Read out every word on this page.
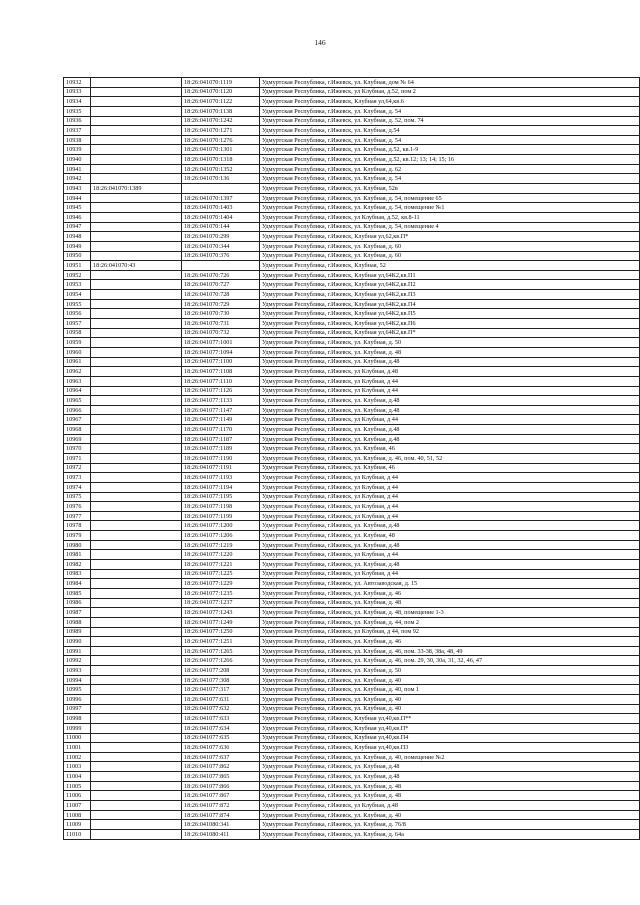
146
10932		18:26:041070:1119	Удмуртская Республика, г.Ижевск, ул. Клубная, дом № 64
10933		18:26:041070:1120	Удмуртская Республика, г.Ижевск, ул Клубная, д.52, пом 2
10934		18:26:041070:1122	Удмуртская Республика, г.Ижевск, Клубная ул,64,кв.6
10935		18:26:041070:1138	Удмуртская Республика, г.Ижевск, ул. Клубная, д. 54
10936		18:26:041070:1242	Удмуртская Республика, г.Ижевск, ул. Клубная, д. 52, пом. 74
10937		18:26:041070:1271	Удмуртская Республика, г.Ижевск, ул. Клубная, д.54
10938		18:26:041070:1276	Удмуртская Республика, г.Ижевск, ул. Клубная, д. 54
10939		18:26:041070:1301	Удмуртская Республика, г.Ижевск, ул. Клубная, д.52, кв.1-9
10940		18:26:041070:1318	Удмуртская Республика, г.Ижевск, ул. Клубная, д.52, кв.12; 13; 14; 15; 16
10941		18:26:041070:1352	Удмуртская Республика, г.Ижевск, ул. Клубная, д. 62
10942		18:26:041070:136	Удмуртская Республика, г.Ижевск, ул. Клубная, д. 54
10943	18:26:041070:1389		Удмуртская Республика, г.Ижевск, ул. Клубная, 52в
10944		18:26:041070:1397	Удмуртская Республика, г.Ижевск, ул. Клубная, д. 54, помещение 65
10945		18:26:041070:1403	Удмуртская Республика, г.Ижевск, ул. Клубная, д. 54, помещение №1
10946		18:26:041070:1404	Удмуртская Республика, г.Ижевск, ул Клубная, д.52, кв.8-11
10947		18:26:041070:144	Удмуртская Республика, г.Ижевск, ул. Клубная, д. 54, помещение 4
10948		18:26:041070:299	Удмуртская Республика, г.Ижевск, Клубная ул,62,кв.П*
10949		18:26:041070:344	Удмуртская Республика, г.Ижевск, ул. Клубная, д. 60
10950		18:26:041070:376	Удмуртская Республика, г.Ижевск, ул. Клубная, д. 60
10951	18:26:041070:43		Удмуртская Республика, г.Ижевск, Клубная, 52
10952		18:26:041070:726	Удмуртская Республика, г.Ижевск, Клубная ул,64К2,кв.П1
10953		18:26:041070:727	Удмуртская Республика, г.Ижевск, Клубная ул,64К2,кв.П2
10954		18:26:041070:728	Удмуртская Республика, г.Ижевск, Клубная ул,64К2,кв.П3
10955		18:26:041070:729	Удмуртская Республика, г.Ижевск, Клубная ул,64К2,кв.П4
10956		18:26:041070:730	Удмуртская Республика, г.Ижевск, Клубная ул,64К2,кв.П5
10957		18:26:041070:731	Удмуртская Республика, г.Ижевск, Клубная ул,64К2,кв.П6
10958		18:26:041070:732	Удмуртская Республика, г.Ижевск, Клубная ул,64К2,кв.П*
10959		18:26:041077:1001	Удмуртская Республика, г.Ижевск, ул. Клубная, д. 50
10960		18:26:041077:1094	Удмуртская Республика, г.Ижевск, ул. Клубная, д. 48
10961		18:26:041077:1100	Удмуртская Республика, г.Ижевск, ул. Клубная, д.48
10962		18:26:041077:1108	Удмуртская Республика, г.Ижевск, ул Клубная, д.48
10963		18:26:041077:1110	Удмуртская Республика, г.Ижевск, ул Клубная, д 44
10964		18:26:041077:1126	Удмуртская Республика, г.Ижевск, ул Клубная, д 44
10965		18:26:041077:1133	Удмуртская Республика, г.Ижевск, ул. Клубная, д.48
10966		18:26:041077:1147	Удмуртская Республика, г.Ижевск, ул. Клубная, д.48
10967		18:26:041077:1149	Удмуртская Республика, г.Ижевск, ул Клубная, д 44
10968		18:26:041077:1170	Удмуртская Республика, г.Ижевск, ул. Клубная, д.48
10969		18:26:041077:1187	Удмуртская Республика, г.Ижевск, ул. Клубная, д.48
10970		18:26:041077:1189	Удмуртская Республика, г.Ижевск, ул. Клубная, 46
10971		18:26:041077:1190	Удмуртская Республика, г.Ижевск, ул. Клубная, д. 46, пом. 40, 51, 52
10972		18:26:041077:1191	Удмуртская Республика, г.Ижевск, ул. Клубная, 46
10973		18:26:041077:1193	Удмуртская Республика, г.Ижевск, ул Клубная, д 44
10974		18:26:041077:1194	Удмуртская Республика, г.Ижевск, ул Клубная, д 44
10975		18:26:041077:1195	Удмуртская Республика, г.Ижевск, ул Клубная, д 44
10976		18:26:041077:1198	Удмуртская Республика, г.Ижевск, ул Клубная, д 44
10977		18:26:041077:1199	Удмуртская Республика, г.Ижевск, ул Клубная, д 44
10978		18:26:041077:1200	Удмуртская Республика, г.Ижевск, ул. Клубная, д.48
10979		18:26:041077:1206	Удмуртская Республика, г.Ижевск, ул. Клубная, 48
10980		18:26:041077:1219	Удмуртская Республика, г.Ижевск, ул. Клубная, д.48
10981		18:26:041077:1220	Удмуртская Республика, г.Ижевск, ул Клубная, д 44
10982		18:26:041077:1221	Удмуртская Республика, г.Ижевск, ул. Клубная, д.48
10983		18:26:041077:1225	Удмуртская Республика, г.Ижевск, ул Клубная, д 44
10984		18:26:041077:1229	Удмуртская Республика, г.Ижевск, ул. Автозаводская, д. 15
10985		18:26:041077:1235	Удмуртская Республика, г.Ижевск, ул. Клубная, д. 46
10986		18:26:041077:1237	Удмуртская Республика, г.Ижевск, ул. Клубная, д. 48
10987		18:26:041077:1243	Удмуртская Республика, г.Ижевск, ул. Клубная, д. 48, помещение 1-3
10988		18:26:041077:1249	Удмуртская Республика, г.Ижевск, ул. Клубная, д. 44, пом 2
10989		18:26:041077:1250	Удмуртская Республика, г.Ижевск, ул Клубная, д 44, пом 92
10990		18:26:041077:1251	Удмуртская Республика, г.Ижевск, ул. Клубная, д. 46
10991		18:26:041077:1265	Удмуртская Республика, г.Ижевск, ул. Клубная, д. 46, пом. 33-38, 38а, 48, 49
10992		18:26:041077:1266	Удмуртская Республика, г.Ижевск, ул. Клубная, д. 46, пом. 29, 30, 30а, 31, 32, 46, 47
10993		18:26:041077:208	Удмуртская Республика, г.Ижевск, ул. Клубная, д. 50
10994		18:26:041077:308	Удмуртская Республика, г.Ижевск, ул. Клубная, д. 40
10995		18:26:041077:317	Удмуртская Республика, г.Ижевск, ул. Клубная, д. 40, пом 1
10996		18:26:041077:631	Удмуртская Республика, г.Ижевск, ул. Клубная, д. 40
10997		18:26:041077:632	Удмуртская Республика, г.Ижевск, ул. Клубная, д. 40
10998		18:26:041077:633	Удмуртская Республика, г.Ижевск, Клубная ул,40,кв.П**
10999		18:26:041077:634	Удмуртская Республика, г.Ижевск, Клубная ул,40,кв.П*
11000		18:26:041077:635	Удмуртская Республика, г.Ижевск, Клубная ул,40,кв.П4
11001		18:26:041077:636	Удмуртская Республика, г.Ижевск, Клубная ул,40,кв.П3
11002		18:26:041077:637	Удмуртская Республика, г.Ижевск, ул. Клубная, д. 40, помещение №2
11003		18:26:041077:862	Удмуртская Республика, г.Ижевск, ул. Клубная, д.48
11004		18:26:041077:865	Удмуртская Республика, г.Ижевск, ул. Клубная, д.48
11005		18:26:041077:866	Удмуртская Республика, г.Ижевск, ул. Клубная, д. 48
11006		18:26:041077:867	Удмуртская Республика, г.Ижевск, ул. Клубная, д. 48
11007		18:26:041077:872	Удмуртская Республика, г.Ижевск, ул Клубная, д.48
11008		18:26:041077:874	Удмуртская Республика, г.Ижевск, ул. Клубная, д. 40
11009		18:26:041080:341	Удмуртская Республика, г.Ижевск, ул. Клубная, д. 76/8
11010		18:26:041080:411	Удмуртская Республика, г.Ижевск, ул. Клубная, д. 64а
